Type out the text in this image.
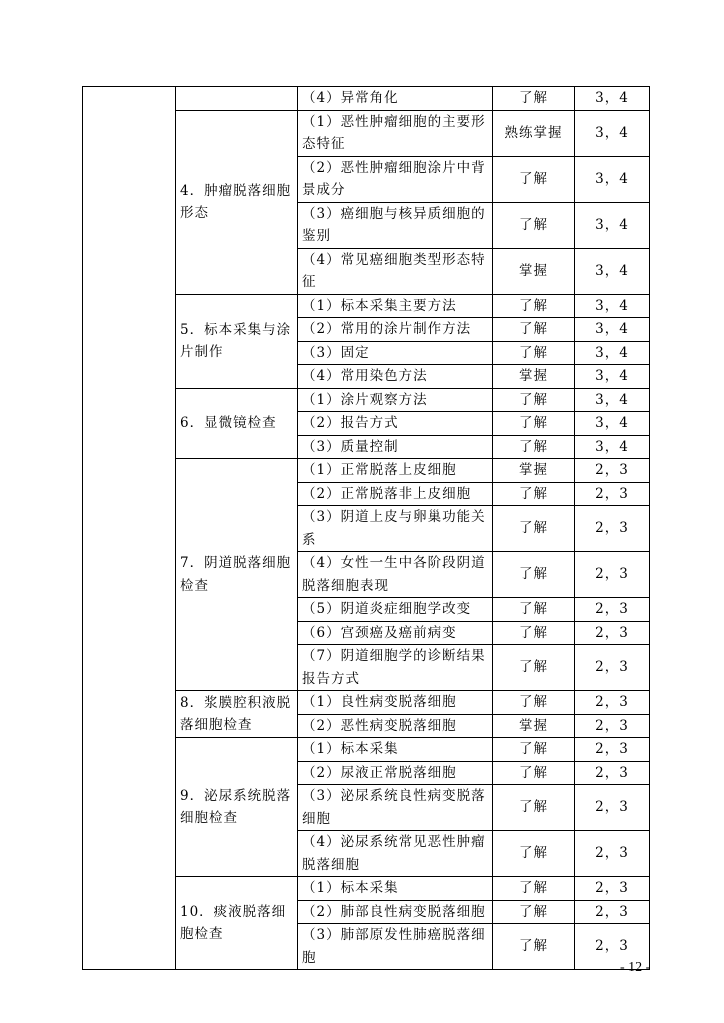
		（4）异常角化	了解	3，4
	4．肿瘤脱落细胞形态	（1）恶性肿瘤细胞的主要形态特征	熟练掌握	3，4
		（2）恶性肿瘤细胞涂片中背景成分	了解	3，4
		（3）癌细胞与核异质细胞的鉴别	了解	3，4
		（4）常见癌细胞类型形态特征	掌握	3，4
	5．标本采集与涂片制作	（1）标本采集主要方法	了解	3，4
		（2）常用的涂片制作方法	了解	3，4
		（3）固定	了解	3，4
		（4）常用染色方法	掌握	3，4
	6．显微镜检查	（1）涂片观察方法	了解	3，4
		（2）报告方式	了解	3，4
		（3）质量控制	了解	3，4
	7．阴道脱落细胞检查	（1）正常脱落上皮细胞	掌握	2，3
		（2）正常脱落非上皮细胞	了解	2，3
		（3）阴道上皮与卵巢功能关系	了解	2，3
		（4）女性一生中各阶段阴道脱落细胞表现	了解	2，3
		（5）阴道炎症细胞学改变	了解	2，3
		（6）宫颈癌及癌前病变	了解	2，3
		（7）阴道细胞学的诊断结果报告方式	了解	2，3
	8．浆膜腔积液脱落细胞检查	（1）良性病变脱落细胞	了解	2，3
		（2）恶性病变脱落细胞	掌握	2，3
	9．泌尿系统脱落细胞检查	（1）标本采集	了解	2，3
		（2）尿液正常脱落细胞	了解	2，3
		（3）泌尿系统良性病变脱落细胞	了解	2，3
		（4）泌尿系统常见恶性肿瘤脱落细胞	了解	2，3
	10．痰液脱落细胞检查	（1）标本采集	了解	2，3
		（2）肺部良性病变脱落细胞	了解	2，3
		（3）肺部原发性肺癌脱落细胞	了解	2，3
- 12 -
